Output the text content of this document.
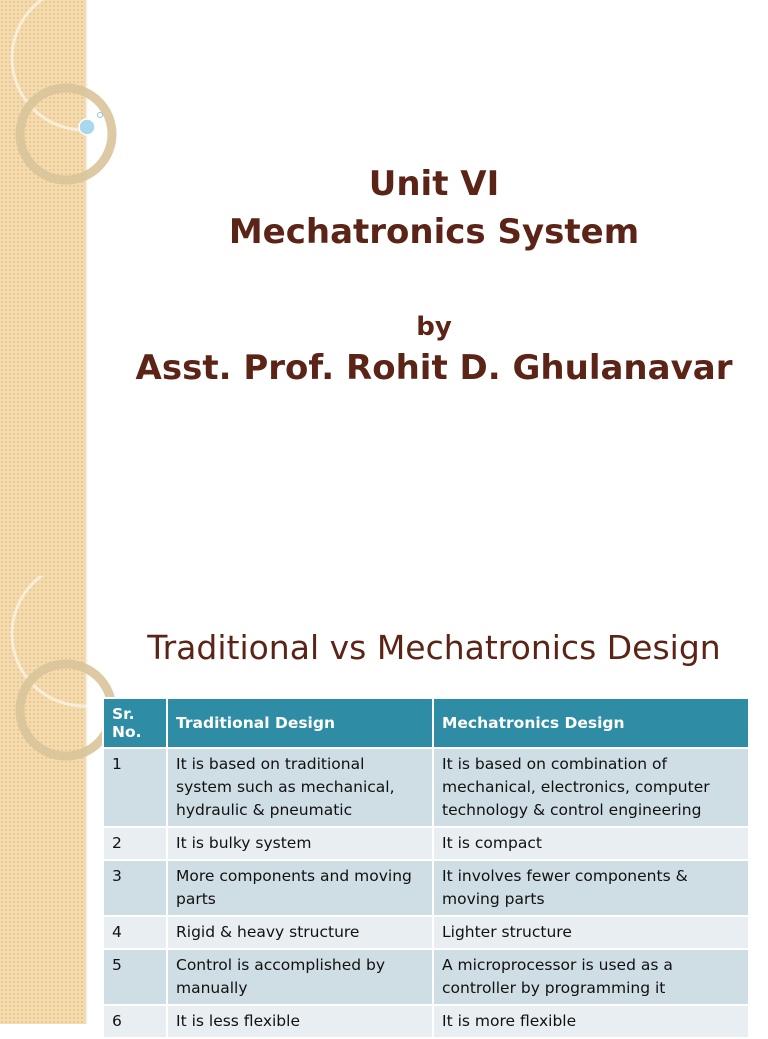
Unit VI
Mechatronics System
by
Asst. Prof. Rohit D. Ghulanavar
Traditional vs Mechatronics Design
Sr. No.	Traditional Design	Mechatronics Design
1	It is based on traditional system such as mechanical, hydraulic & pneumatic	It is based on combination of mechanical, electronics, computer technology & control engineering
2	It is bulky system	It is compact
3	More components and moving parts	It involves fewer components & moving parts
4	Rigid & heavy structure	Lighter structure
5	Control is accomplished by manually	A microprocessor is used as a controller by programming it
6	It is less flexible	It is more flexible
